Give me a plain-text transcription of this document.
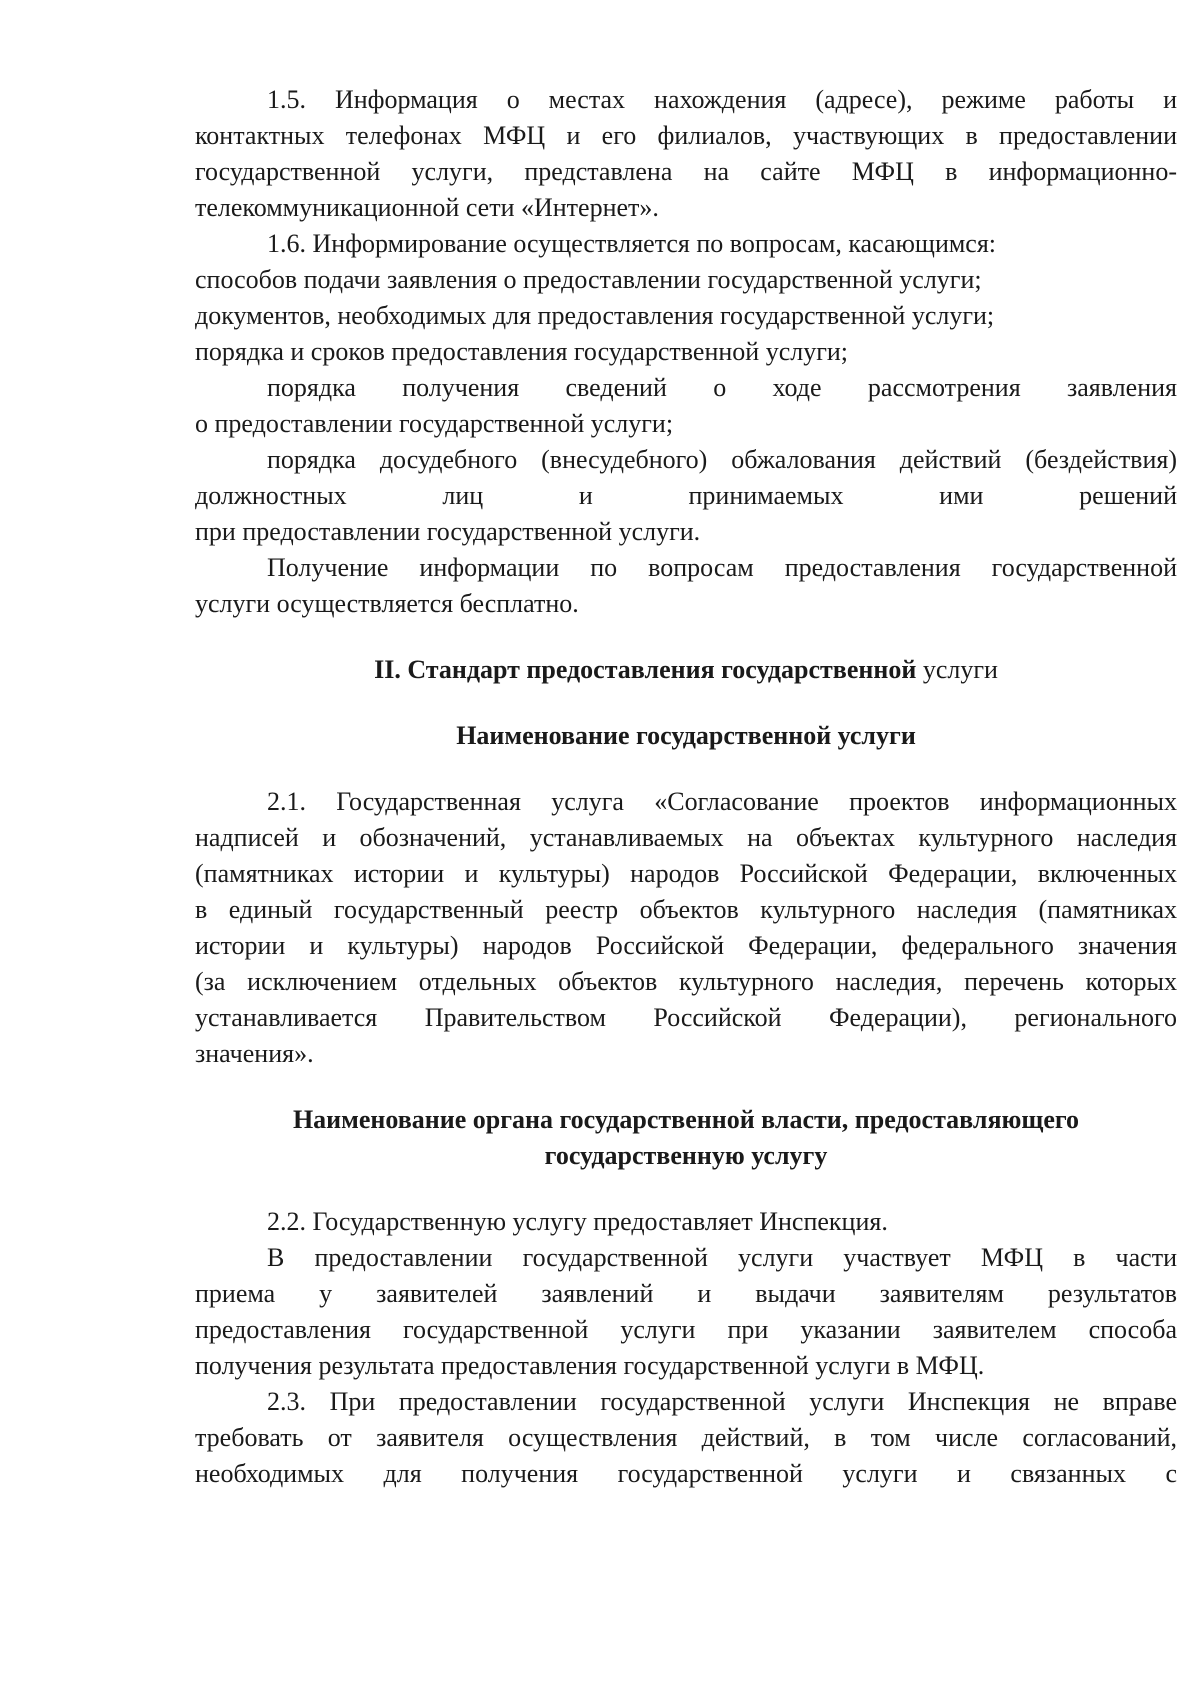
1.5. Информация о местах нахождения (адресе), режиме работы и
контактных телефонах МФЦ и его филиалов, участвующих в предоставлении
государственной услуги, представлена на сайте МФЦ в информационно-
телекоммуникационной сети «Интернет».
1.6. Информирование осуществляется по вопросам, касающимся:
способов подачи заявления о предоставлении государственной услуги;
документов, необходимых для предоставления государственной услуги;
порядка и сроков предоставления государственной услуги;
порядка получения сведений о ходе рассмотрения заявления
о предоставлении государственной услуги;
порядка досудебного (внесудебного) обжалования действий (бездействия)
должностных лиц и принимаемых ими решений
при предоставлении государственной услуги.
Получение информации по вопросам предоставления государственной
услуги осуществляется бесплатно.
II. Стандарт предоставления государственной услуги
Наименование государственной услуги
2.1. Государственная услуга «Согласование проектов информационных
надписей и обозначений, устанавливаемых на объектах культурного наследия
(памятниках истории и культуры) народов Российской Федерации, включенных
в единый государственный реестр объектов культурного наследия (памятниках
истории и культуры) народов Российской Федерации, федерального значения
(за исключением отдельных объектов культурного наследия, перечень которых
устанавливается Правительством Российской Федерации), регионального
значения».
Наименование органа государственной власти, предоставляющего
государственную услугу
2.2. Государственную услугу предоставляет Инспекция.
В предоставлении государственной услуги участвует МФЦ в части
приема у заявителей заявлений и выдачи заявителям результатов
предоставления государственной услуги при указании заявителем способа
получения результата предоставления государственной услуги в МФЦ.
2.3. При предоставлении государственной услуги Инспекция не вправе
требовать от заявителя осуществления действий, в том числе согласований,
необходимых для получения государственной услуги и связанных с
